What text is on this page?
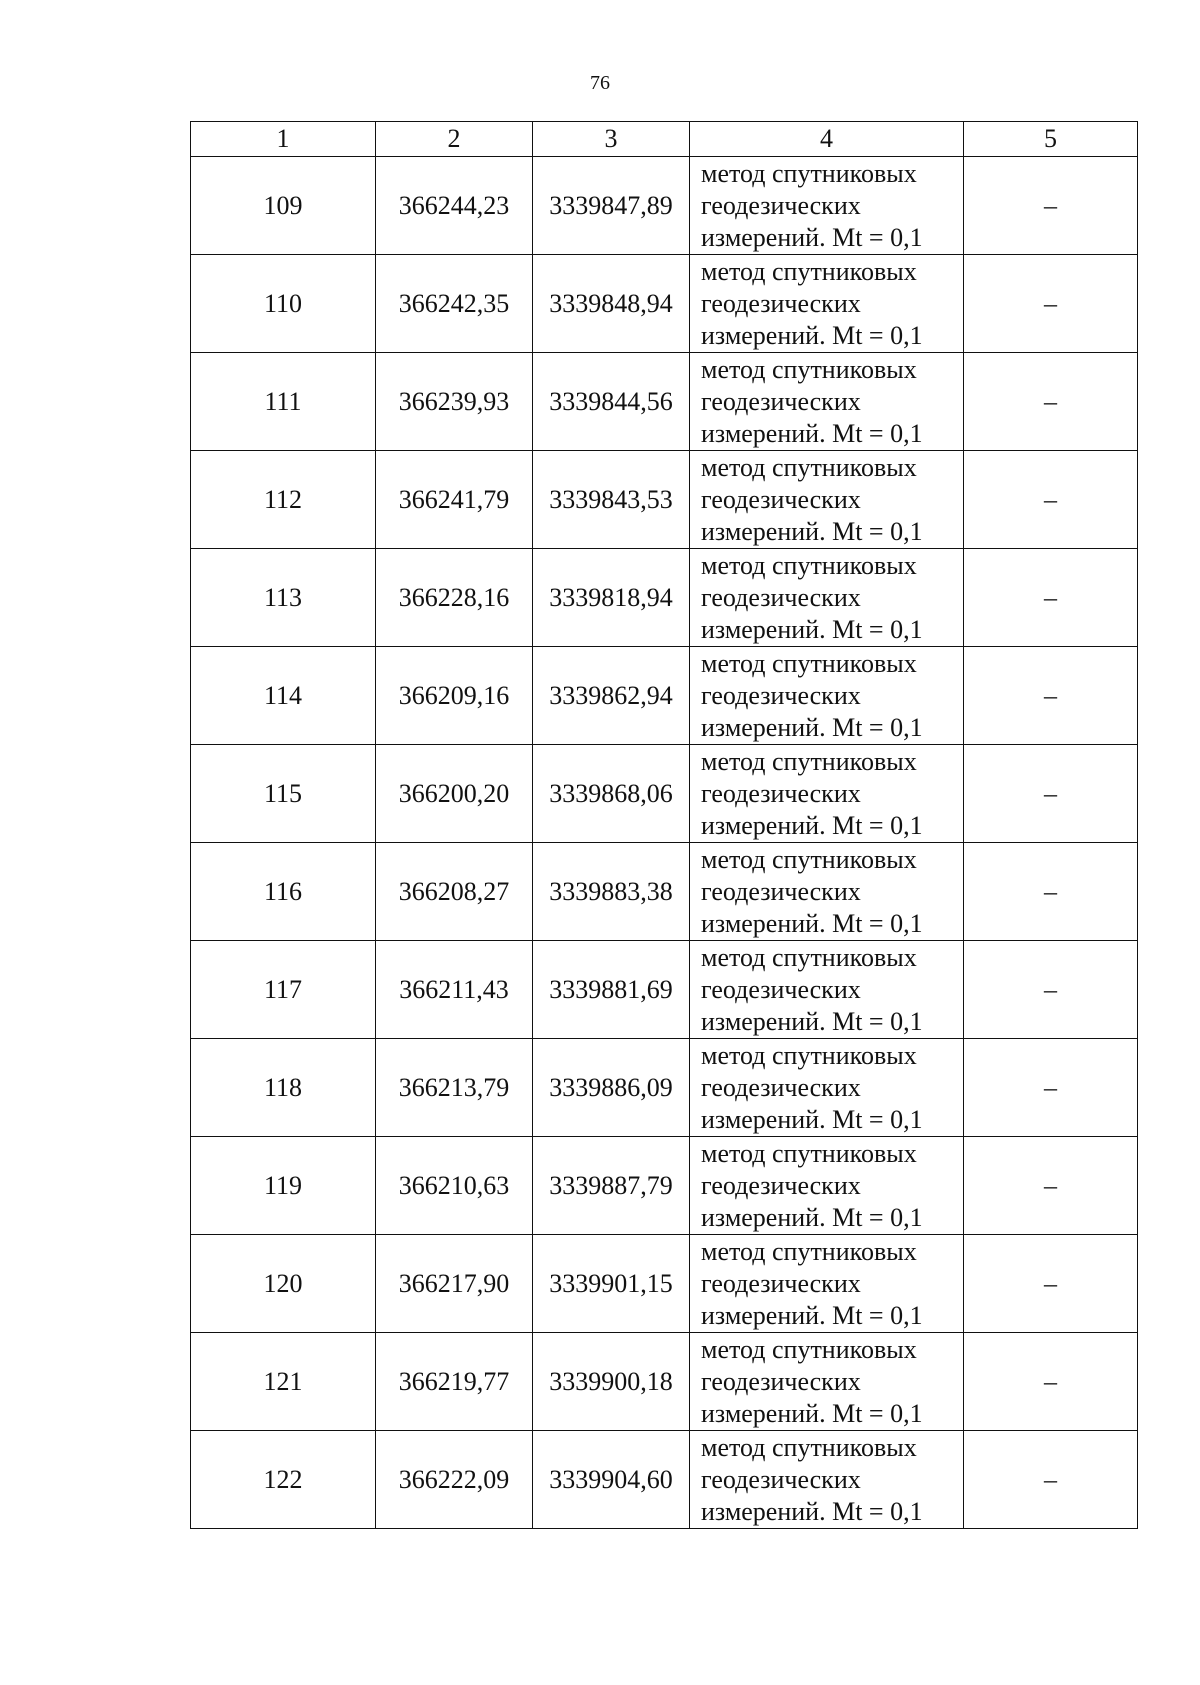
76
1	2	3	4	5
109	366244,23	3339847,89	метод спутниковых
геодезических
измерений. Mt = 0,1	–
110	366242,35	3339848,94	метод спутниковых
геодезических
измерений. Mt = 0,1	–
111	366239,93	3339844,56	метод спутниковых
геодезических
измерений. Mt = 0,1	–
112	366241,79	3339843,53	метод спутниковых
геодезических
измерений. Mt = 0,1	–
113	366228,16	3339818,94	метод спутниковых
геодезических
измерений. Mt = 0,1	–
114	366209,16	3339862,94	метод спутниковых
геодезических
измерений. Mt = 0,1	–
115	366200,20	3339868,06	метод спутниковых
геодезических
измерений. Mt = 0,1	–
116	366208,27	3339883,38	метод спутниковых
геодезических
измерений. Mt = 0,1	–
117	366211,43	3339881,69	метод спутниковых
геодезических
измерений. Mt = 0,1	–
118	366213,79	3339886,09	метод спутниковых
геодезических
измерений. Mt = 0,1	–
119	366210,63	3339887,79	метод спутниковых
геодезических
измерений. Mt = 0,1	–
120	366217,90	3339901,15	метод спутниковых
геодезических
измерений. Mt = 0,1	–
121	366219,77	3339900,18	метод спутниковых
геодезических
измерений. Mt = 0,1	–
122	366222,09	3339904,60	метод спутниковых
геодезических
измерений. Mt = 0,1	–
